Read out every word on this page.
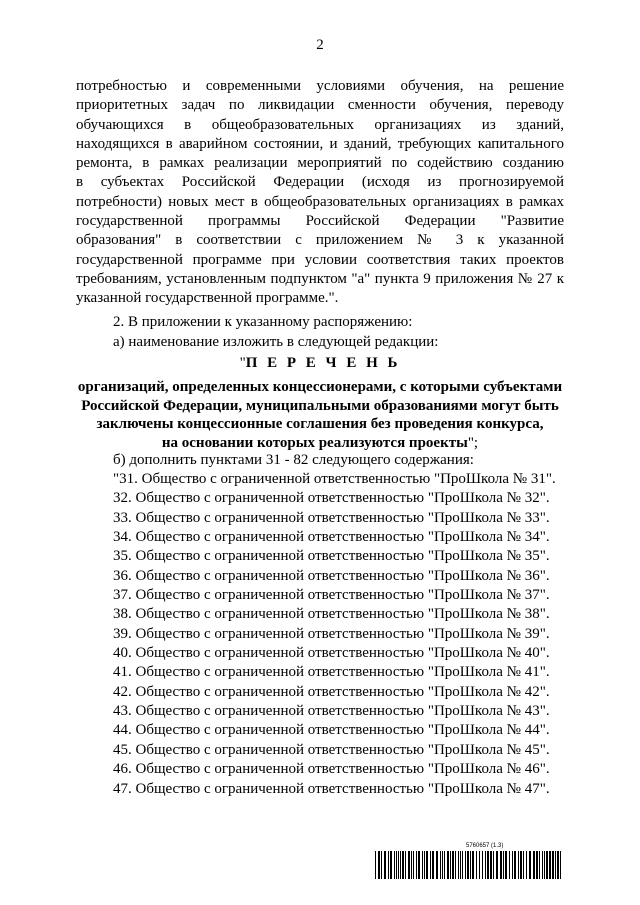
2
потребностью и современными условиями обучения, на решение
приоритетных задач по ликвидации сменности обучения, переводу
обучающихся в общеобразовательных организациях из зданий,
находящихся в аварийном состоянии, и зданий, требующих капитального
ремонта, в рамках реализации мероприятий по содействию созданию
в субъектах Российской Федерации (исходя из прогнозируемой
потребности) новых мест в общеобразовательных организациях в рамках
государственной программы Российской Федерации "Развитие
образования" в соответствии с приложением № 3 к указанной
государственной программе при условии соответствия таких проектов
требованиям, установленным подпунктом "а" пункта 9 приложения № 27 к
указанной государственной программе.".
2. В приложении к указанному распоряжению:
а) наименование изложить в следующей редакции:
"П Е Р Е Ч Е Н Ь
организаций, определенных концессионерами, с которыми субъектами
Российской Федерации, муниципальными образованиями могут быть
заключены концессионные соглашения без проведения конкурса,
на основании которых реализуются проекты";
б) дополнить пунктами 31 - 82 следующего содержания:
"31. Общество с ограниченной ответственностью "ПроШкола № 31".
32. Общество с ограниченной ответственностью "ПроШкола № 32".
33. Общество с ограниченной ответственностью "ПроШкола № 33".
34. Общество с ограниченной ответственностью "ПроШкола № 34".
35. Общество с ограниченной ответственностью "ПроШкола № 35".
36. Общество с ограниченной ответственностью "ПроШкола № 36".
37. Общество с ограниченной ответственностью "ПроШкола № 37".
38. Общество с ограниченной ответственностью "ПроШкола № 38".
39. Общество с ограниченной ответственностью "ПроШкола № 39".
40. Общество с ограниченной ответственностью "ПроШкола № 40".
41. Общество с ограниченной ответственностью "ПроШкола № 41".
42. Общество с ограниченной ответственностью "ПроШкола № 42".
43. Общество с ограниченной ответственностью "ПроШкола № 43".
44. Общество с ограниченной ответственностью "ПроШкола № 44".
45. Общество с ограниченной ответственностью "ПроШкола № 45".
46. Общество с ограниченной ответственностью "ПроШкола № 46".
47. Общество с ограниченной ответственностью "ПроШкола № 47".
5760657 (1.3)
